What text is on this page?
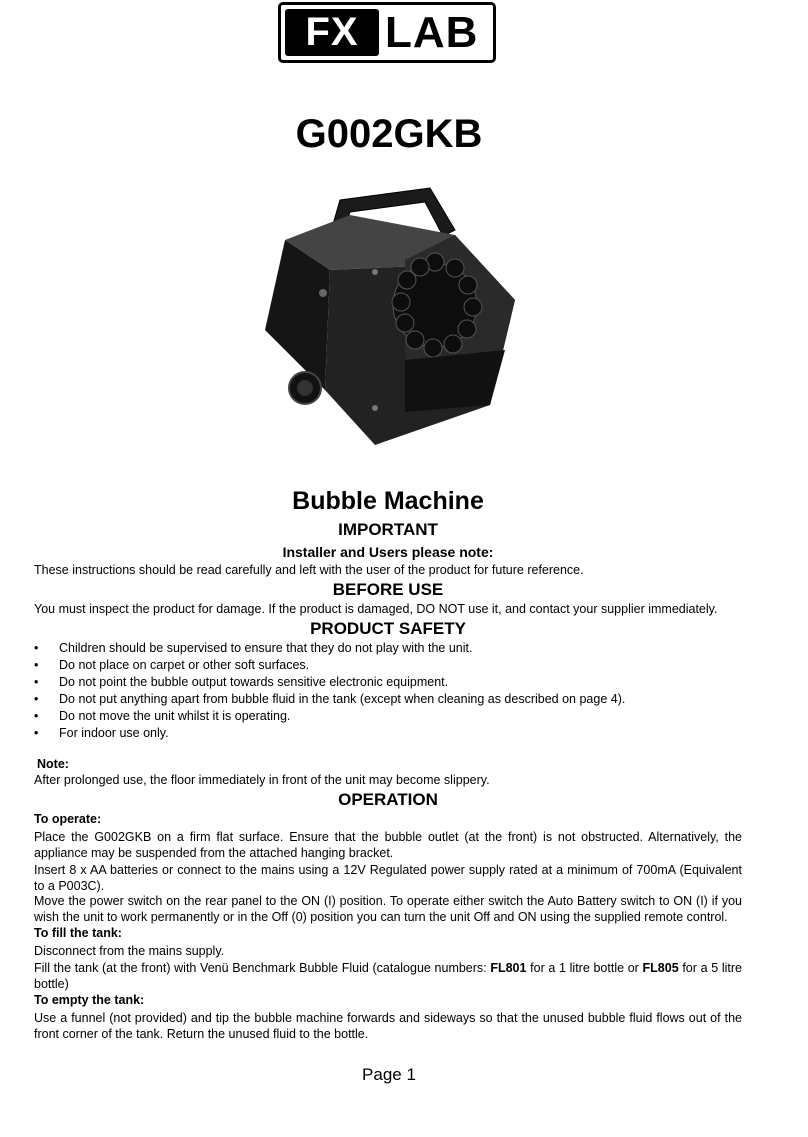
FX LAB
G002GKB
Bubble Machine
IMPORTANT
Installer and Users please note:
These instructions should be read carefully and left with the user of the product for future reference.
BEFORE USE
You must inspect the product for damage. If the product is damaged, DO NOT use it, and contact your supplier immediately.
PRODUCT SAFETY
• Children should be supervised to ensure that they do not play with the unit.
• Do not place on carpet or other soft surfaces.
• Do not point the bubble output towards sensitive electronic equipment.
• Do not put anything apart from bubble fluid in the tank (except when cleaning as described on page 4).
• Do not move the unit whilst it is operating.
• For indoor use only.
Note:
After prolonged use, the floor immediately in front of the unit may become slippery.
OPERATION
To operate:
Place the G002GKB on a firm flat surface. Ensure that the bubble outlet (at the front) is not obstructed. Alternatively, the appliance may be suspended from the attached hanging bracket.
Insert 8 x AA batteries or connect to the mains using a 12V Regulated power supply rated at a minimum of 700mA (Equivalent to a P003C).
Move the power switch on the rear panel to the ON (I) position. To operate either switch the Auto Battery switch to ON (I) if you wish the unit to work permanently or in the Off (0) position you can turn the unit Off and ON using the supplied remote control.
To fill the tank:
Disconnect from the mains supply.
Fill the tank (at the front) with Venü Benchmark Bubble Fluid (catalogue numbers: FL801 for a 1 litre bottle or FL805 for a 5 litre bottle)
To empty the tank:
Use a funnel (not provided) and tip the bubble machine forwards and sideways so that the unused bubble fluid flows out of the front corner of the tank. Return the unused fluid to the bottle.
Page 1
